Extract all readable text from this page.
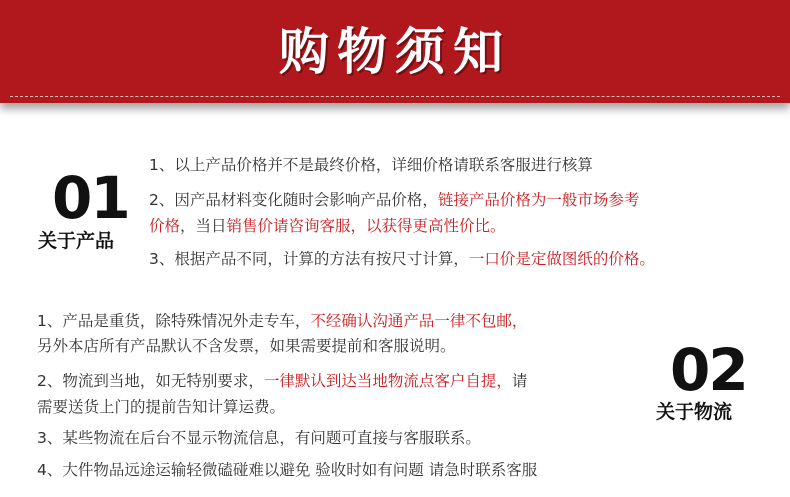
购物须知
01
关于产品
1、以上产品价格并不是最终价格，详细价格请联系客服进行核算
2、因产品材料变化随时会影响产品价格，链接产品价格为一般市场参考
价格，当日销售价请咨询客服，以获得更高性价比。
3、根据产品不同，计算的方法有按尺寸计算，一口价是定做图纸的价格。
02
关于物流
1、产品是重货，除特殊情况外走专车，不经确认沟通产品一律不包邮，
另外本店所有产品默认不含发票，如果需要提前和客服说明。
2、物流到当地，如无特别要求，一律默认到达当地物流点客户自提，请
需要送货上门的提前告知计算运费。
3、某些物流在后台不显示物流信息，有问题可直接与客服联系。
4、大件物品远途运输轻微磕碰难以避免 验收时如有问题 请急时联系客服
